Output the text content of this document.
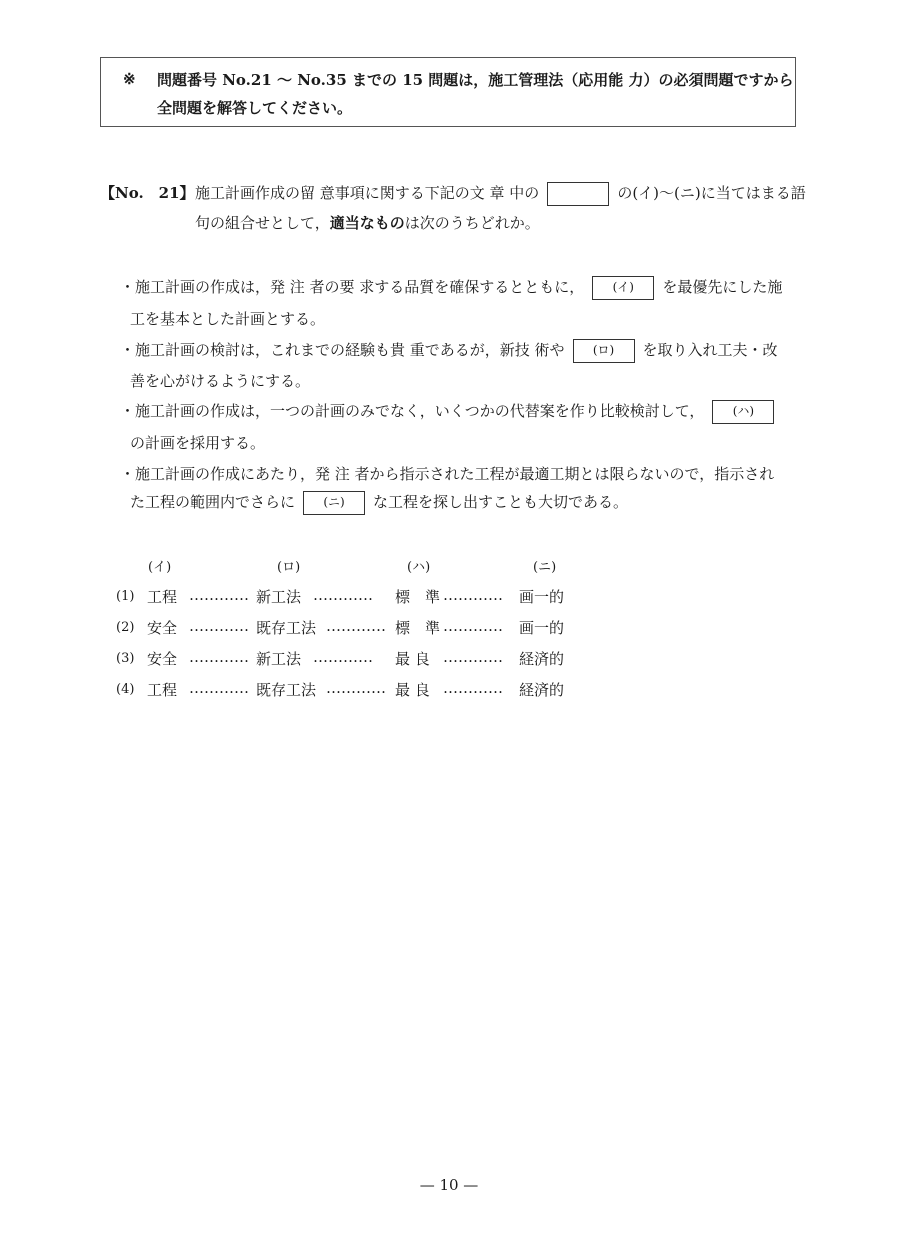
※ 問題番号 No.21 〜 No.35 までの 15 問題は，施工管理法（応用能 力）の必須問題ですから
全問題を解答してください。
【No.　21】 施工計画作成の留 意事項に関する下記の文 章 中の	の(イ)〜(ニ)に当てはまる語
句の組合せとして，適当なものは次のうちどれか。
・施工計画の作成は，発 注 者の要 求する品質を確保するとともに， (イ) を最優先にした施
工を基本とした計画とする。
・施工計画の検討は，これまでの経験も貴 重であるが，新技 術や (ロ) を取り入れ工夫・改
善を心がけるようにする。
・施工計画の作成は，一つの計画のみでなく，いくつかの代替案を作り比較検討して， (ハ)
の計画を採用する。
・施工計画の作成にあたり，発 注 者から指示された工程が最適工期とは限らないので，指示され
た工程の範囲内でさらに (ニ) な工程を探し出すことも大切である。
(イ)	(ロ)	(ハ)	(ニ)
(1) 工程 ………… 新工法 ………… 標　準 ………… 画一的
(2) 安全 ………… 既存工法 ………… 標　準 ………… 画一的
(3) 安全 ………… 新工法 ………… 最 良 ………… 経済的
(4) 工程 ………… 既存工法 ………… 最 良 ………… 経済的
— 10 —
